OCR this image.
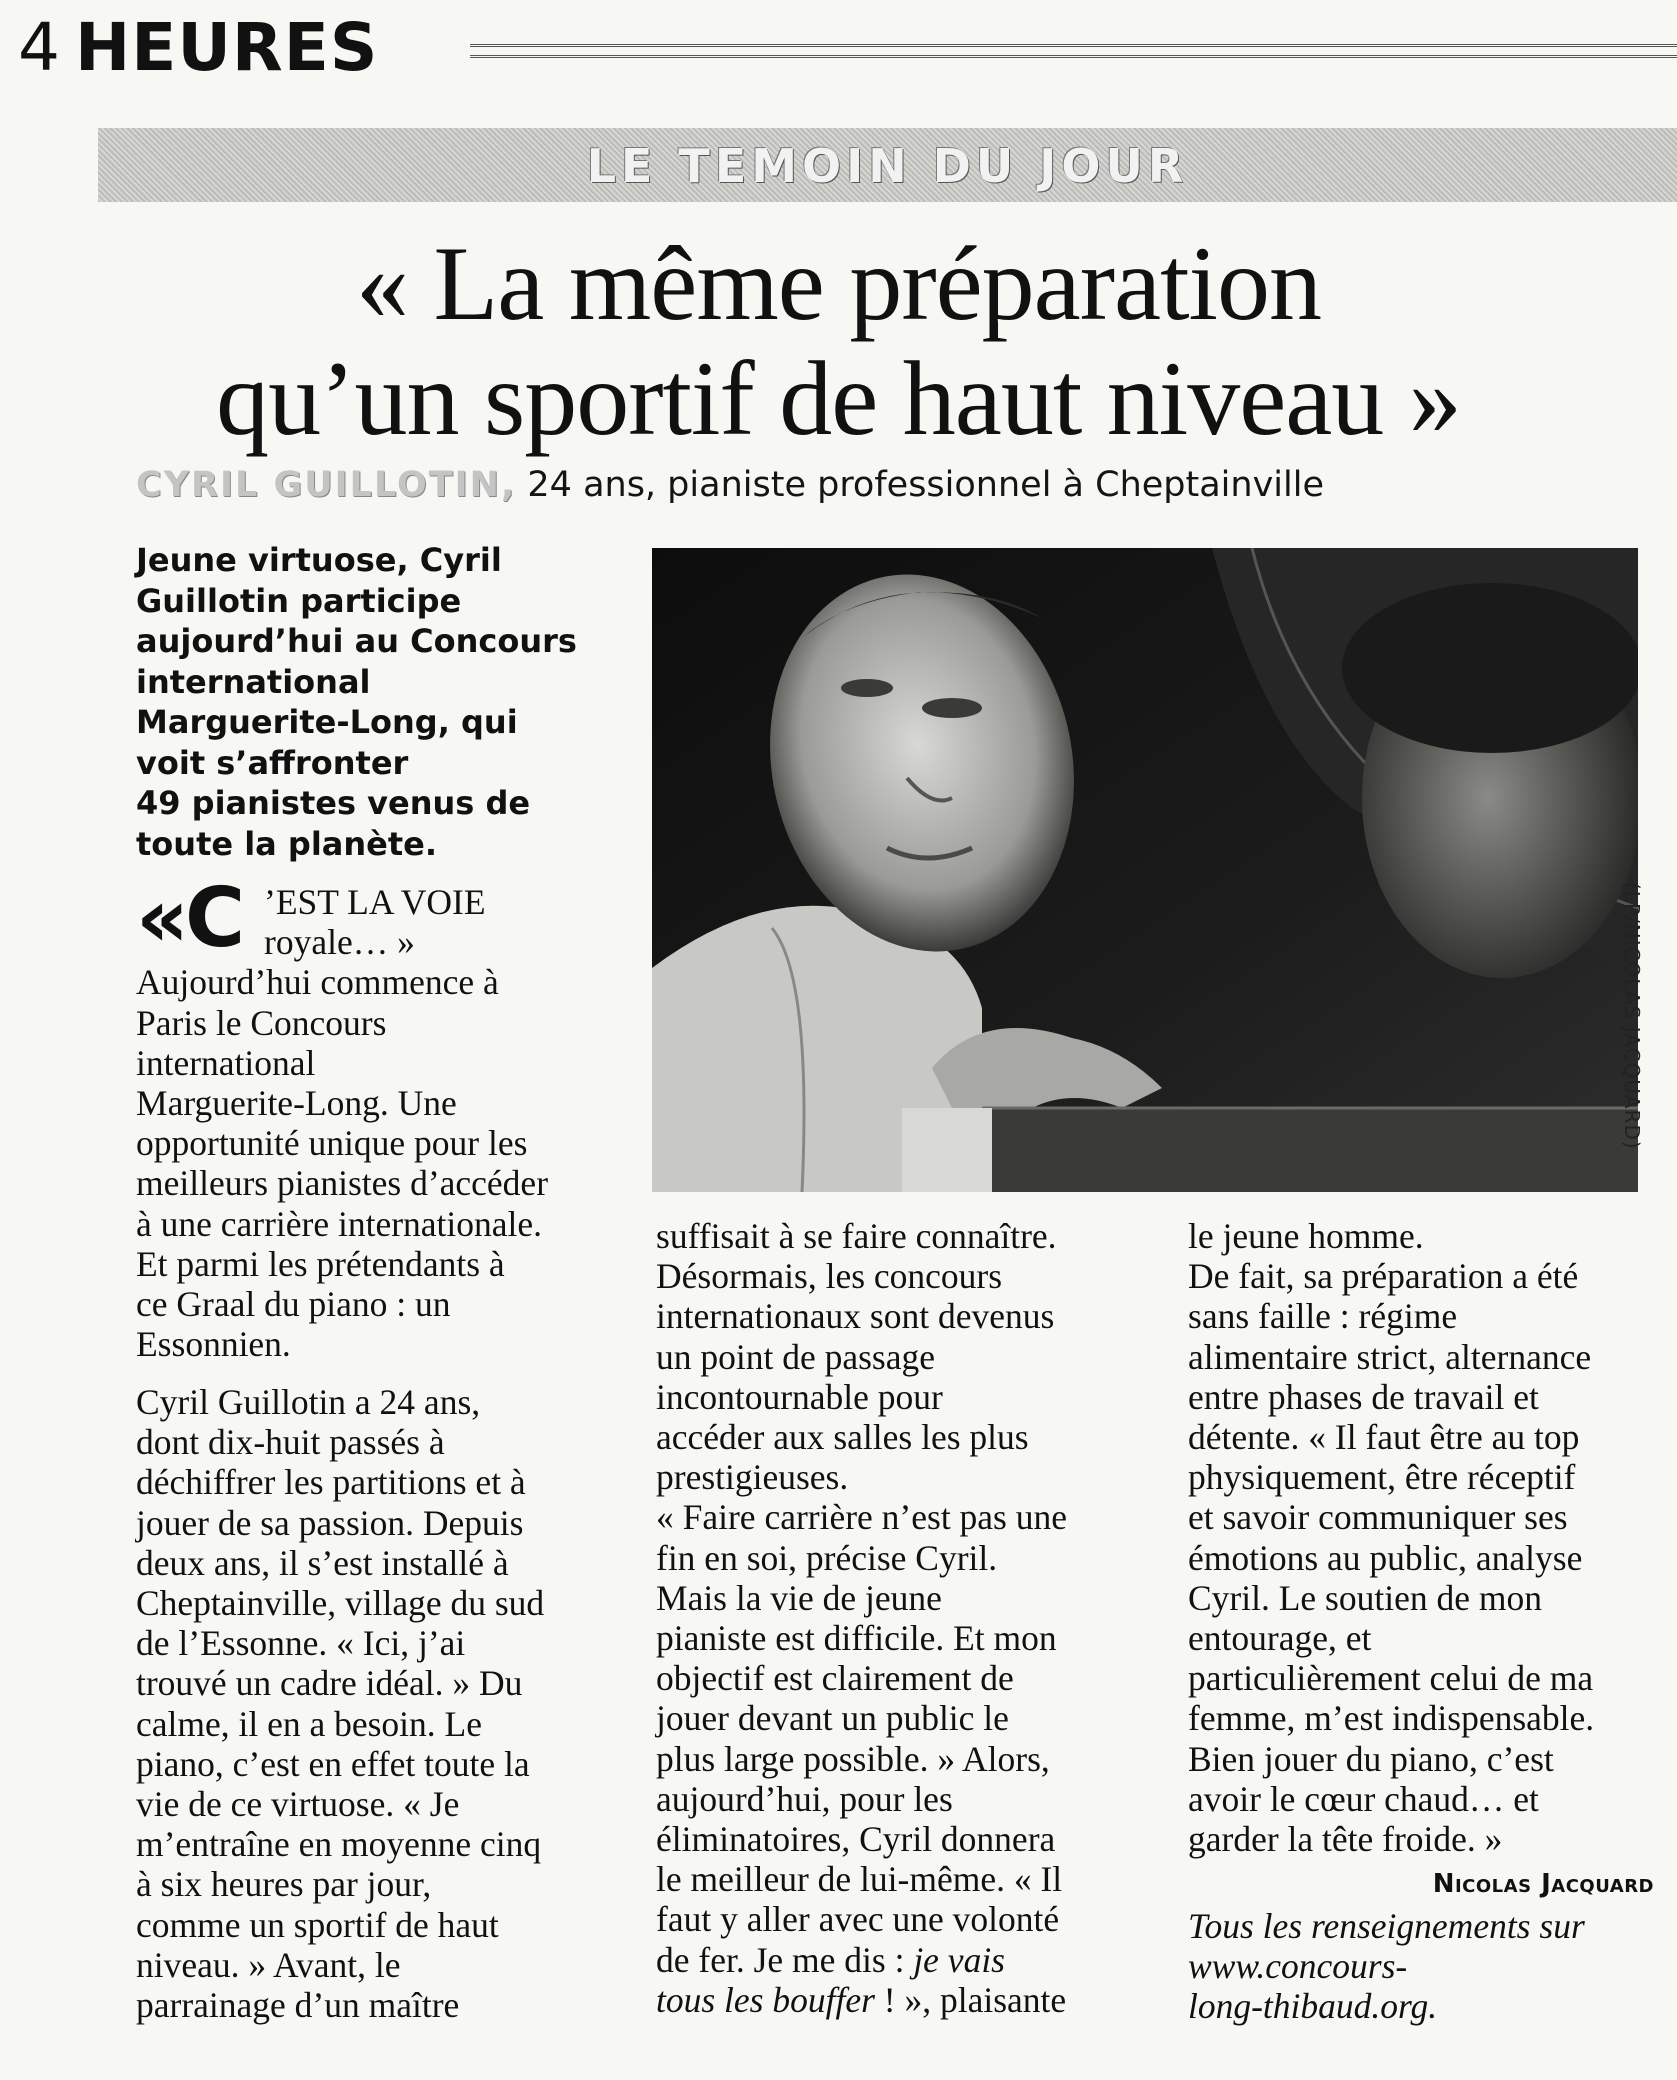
4 HEURES
LE TEMOIN DU JOUR
« La même préparation
qu’un sportif de haut niveau »
CYRIL GUILLOTIN, 24 ans, pianiste professionnel à Cheptainville
Jeune virtuose, Cyril
Guillotin participe
aujourd’hui au Concours
international
Marguerite-Long, qui
voit s’affronter
49 pianistes venus de
toute la planète.
(LP/NICOLAS JACQUARD)
«C ’EST LA VOIE
royale… »
Aujourd’hui commence à
Paris le Concours
international
Marguerite-Long. Une
opportunité unique pour les
meilleurs pianistes d’accéder
à une carrière internationale.
Et parmi les prétendants à
ce Graal du piano : un
Essonnien.
Cyril Guillotin a 24 ans,
dont dix-huit passés à
déchiffrer les partitions et à
jouer de sa passion. Depuis
deux ans, il s’est installé à
Cheptainville, village du sud
de l’Essonne. « Ici, j’ai
trouvé un cadre idéal. » Du
calme, il en a besoin. Le
piano, c’est en effet toute la
vie de ce virtuose. « Je
m’entraîne en moyenne cinq
à six heures par jour,
comme un sportif de haut
niveau. » Avant, le
parrainage d’un maître
suffisait à se faire connaître.
Désormais, les concours
internationaux sont devenus
un point de passage
incontournable pour
accéder aux salles les plus
prestigieuses.
« Faire carrière n’est pas une
fin en soi, précise Cyril.
Mais la vie de jeune
pianiste est difficile. Et mon
objectif est clairement de
jouer devant un public le
plus large possible. » Alors,
aujourd’hui, pour les
éliminatoires, Cyril donnera
le meilleur de lui-même. « Il
faut y aller avec une volonté
de fer. Je me dis : je vais
tous les bouffer ! », plaisante
le jeune homme.
De fait, sa préparation a été
sans faille : régime
alimentaire strict, alternance
entre phases de travail et
détente. « Il faut être au top
physiquement, être réceptif
et savoir communiquer ses
émotions au public, analyse
Cyril. Le soutien de mon
entourage, et
particulièrement celui de ma
femme, m’est indispensable.
Bien jouer du piano, c’est
avoir le cœur chaud… et
garder la tête froide. »
Nicolas Jacquard
Tous les renseignements sur
www.concours-
long-thibaud.org.
